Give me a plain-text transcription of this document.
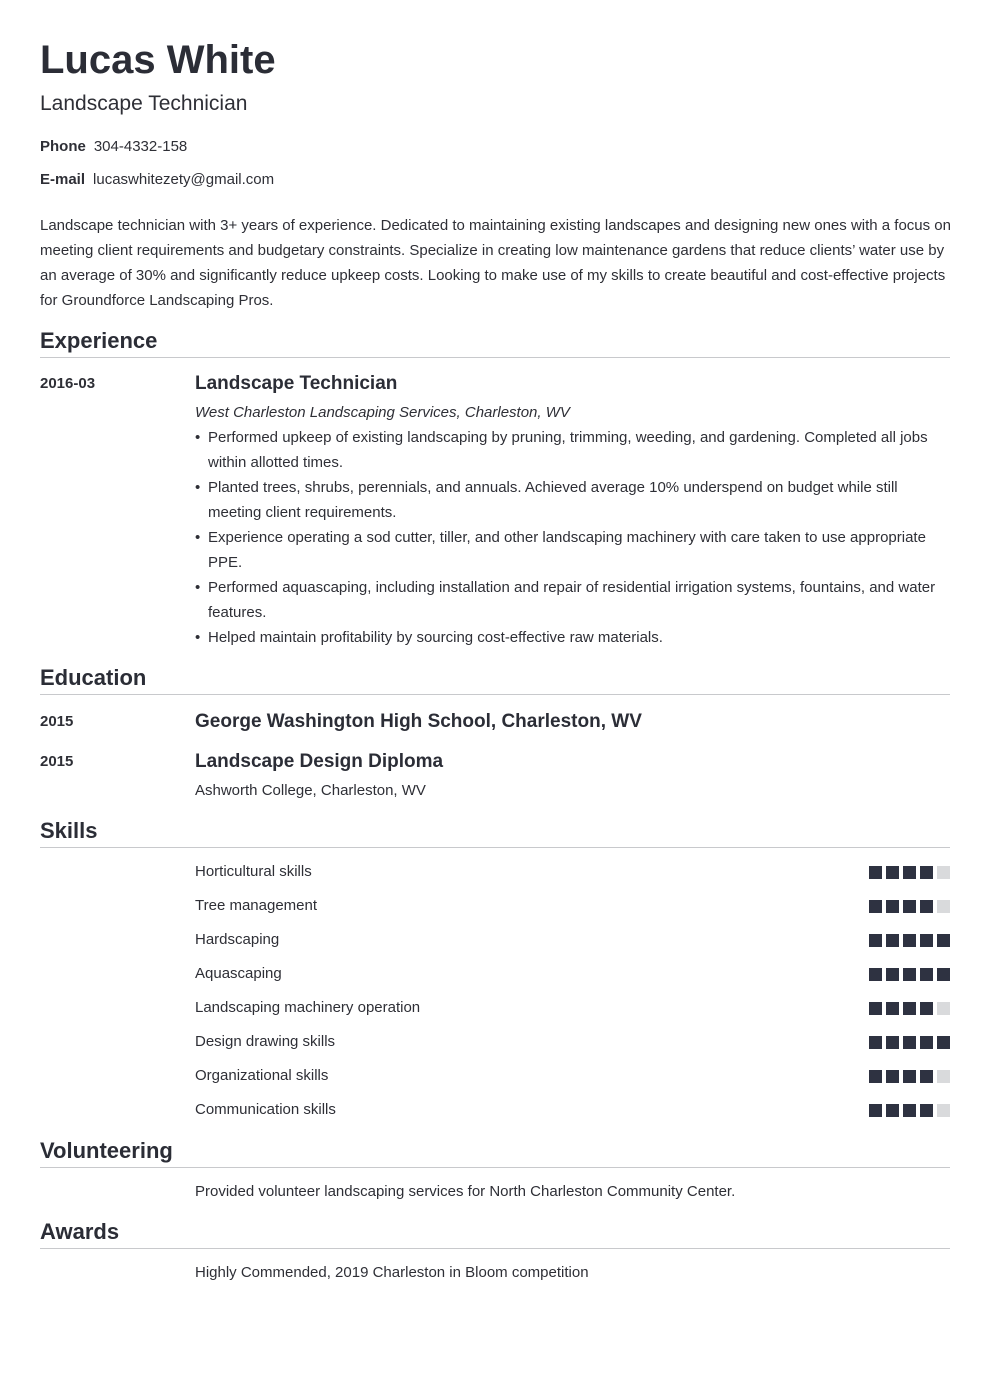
Lucas White
Landscape Technician
Phone 304-4332-158
E-mail lucaswhitezety@gmail.com
Landscape technician with 3+ years of experience. Dedicated to maintaining existing landscapes and designing new ones with a focus on meeting client requirements and budgetary constraints. Specialize in creating low maintenance gardens that reduce clients’ water use by an average of 30% and significantly reduce upkeep costs. Looking to make use of my skills to create beautiful and cost-effective projects for Groundforce Landscaping Pros.
Experience
2016-03	Landscape Technician
West Charleston Landscaping Services, Charleston, WV
• Performed upkeep of existing landscaping by pruning, trimming, weeding, and gardening. Completed all jobs within allotted times.
• Planted trees, shrubs, perennials, and annuals. Achieved average 10% underspend on budget while still meeting client requirements.
• Experience operating a sod cutter, tiller, and other landscaping machinery with care taken to use appropriate PPE.
• Performed aquascaping, including installation and repair of residential irrigation systems, fountains, and water features.
• Helped maintain profitability by sourcing cost-effective raw materials.
Education
2015	George Washington High School, Charleston, WV
2015	Landscape Design Diploma
Ashworth College, Charleston, WV
Skills
Horticultural skills
Tree management
Hardscaping
Aquascaping
Landscaping machinery operation
Design drawing skills
Organizational skills
Communication skills
Volunteering
Provided volunteer landscaping services for North Charleston Community Center.
Awards
Highly Commended, 2019 Charleston in Bloom competition
